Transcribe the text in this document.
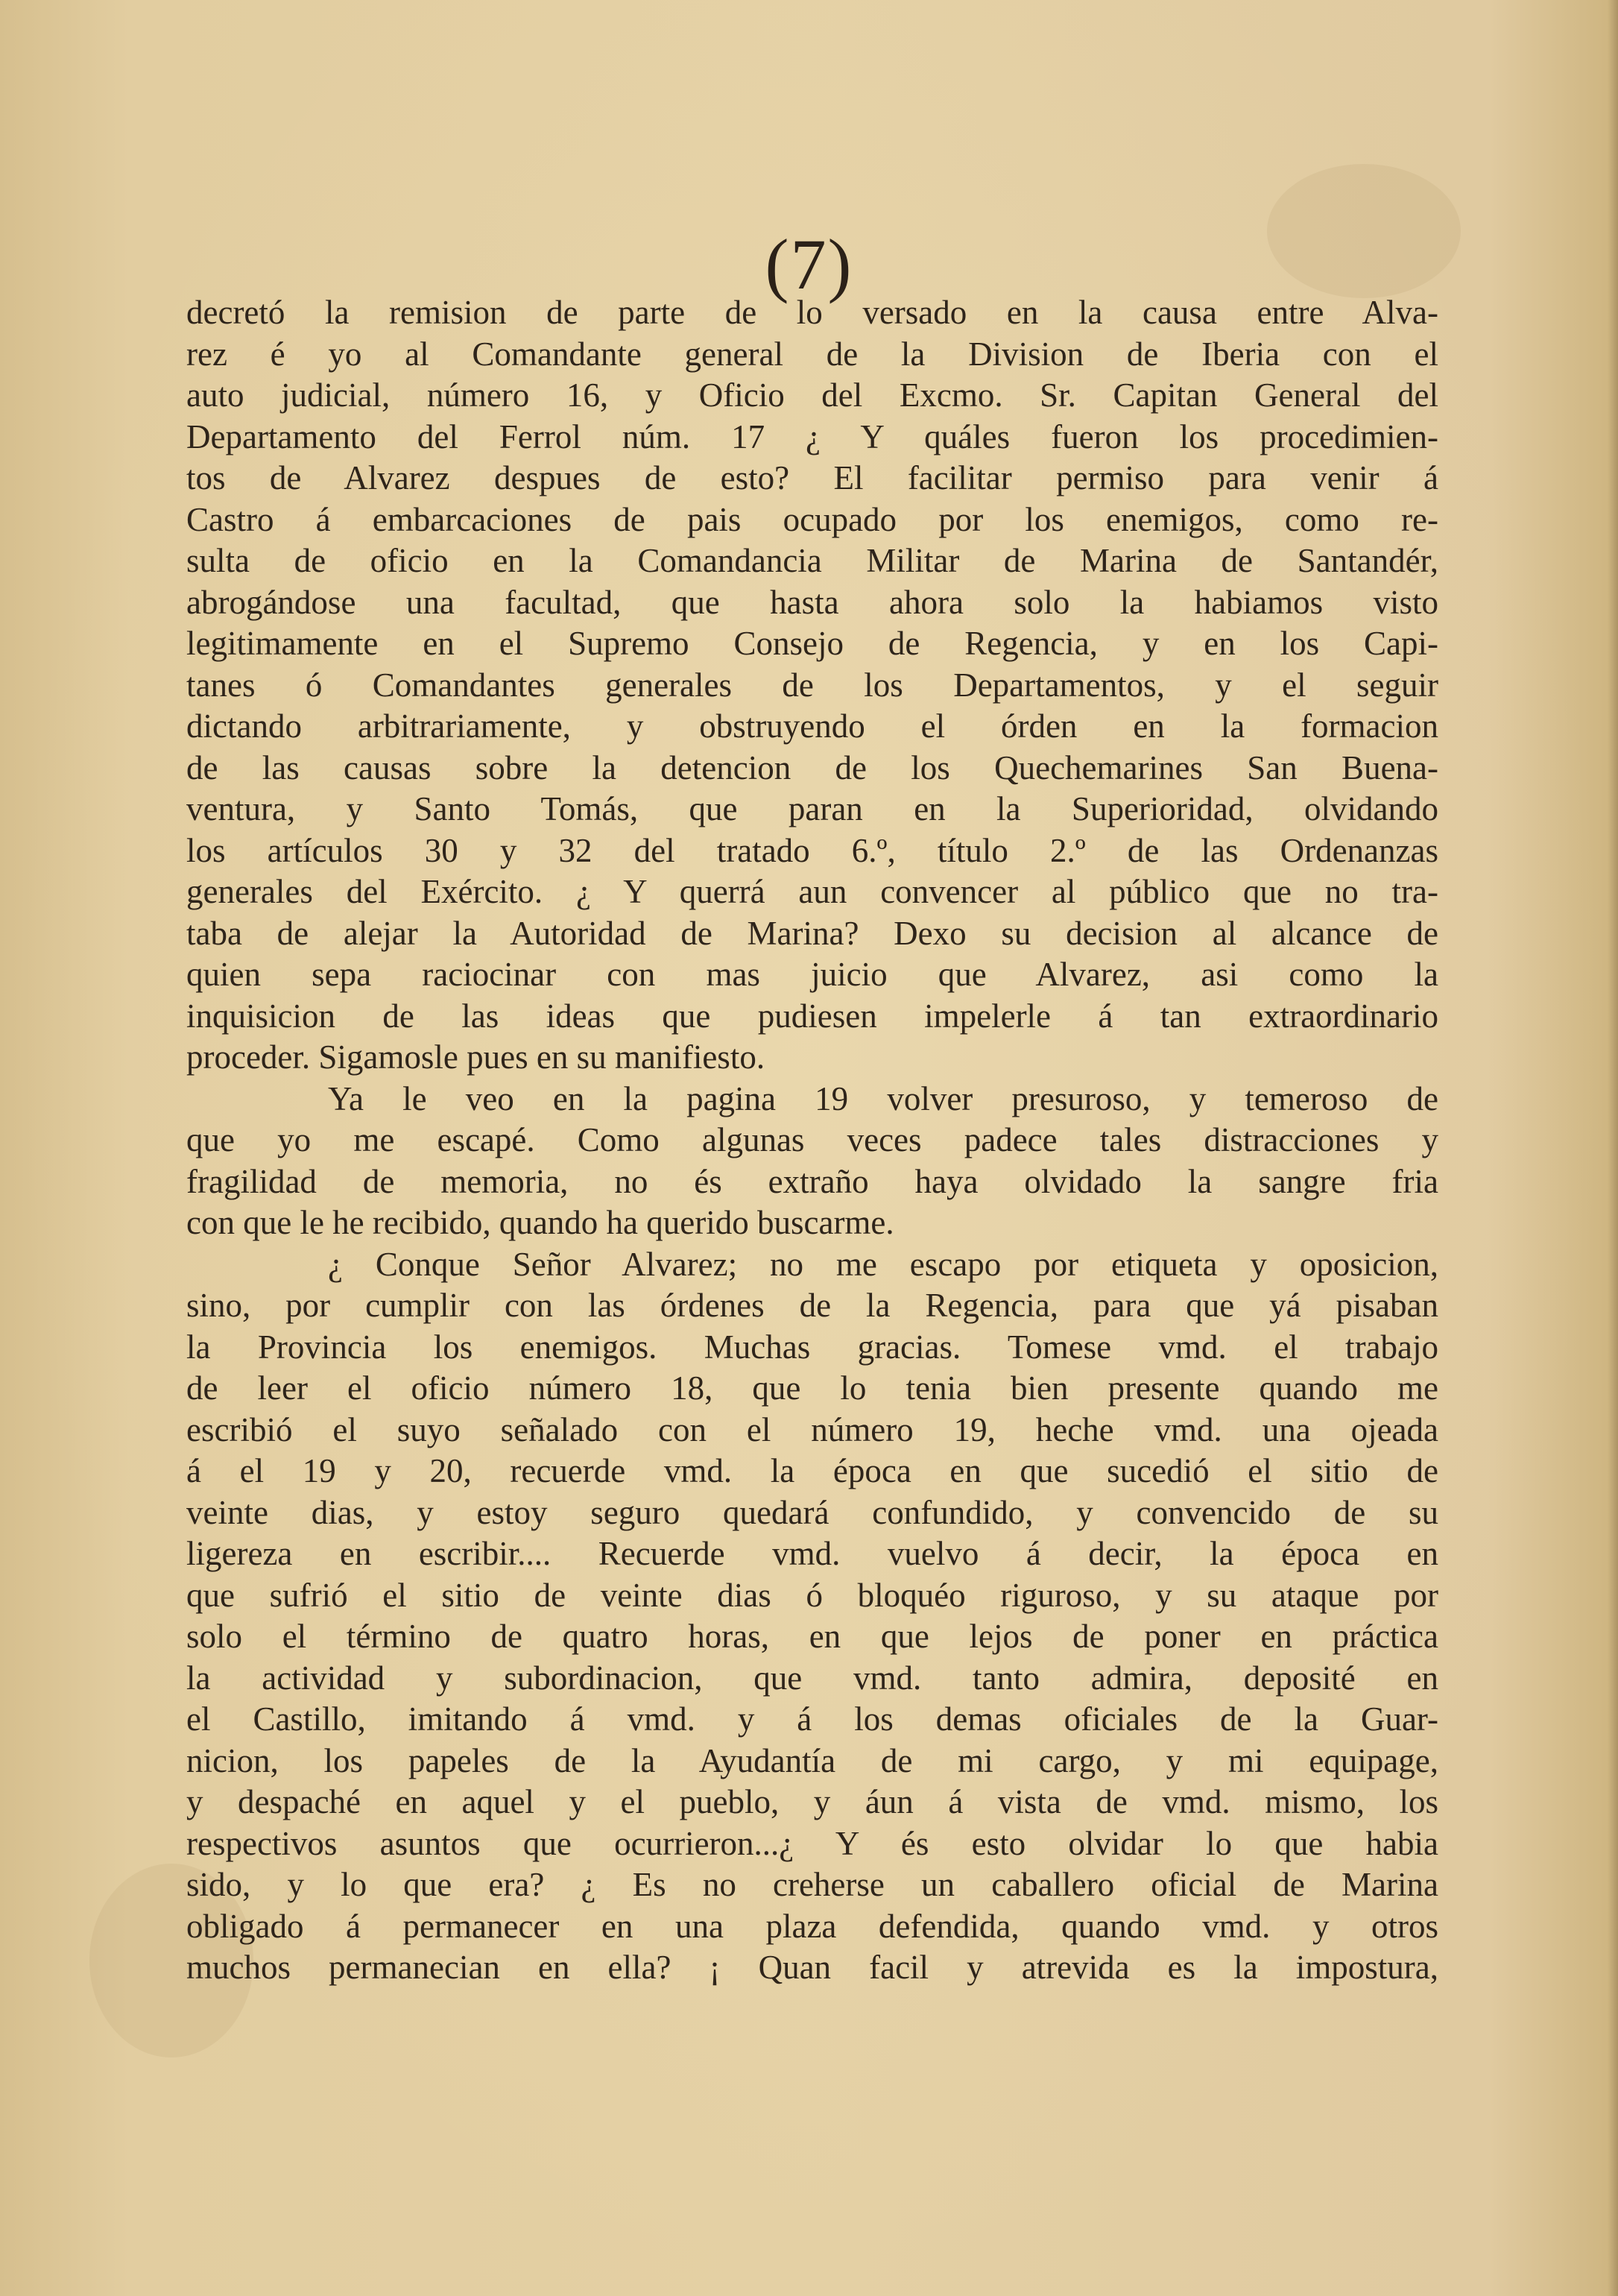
(7)
decretó la remision de parte de lo versado en la causa entre Alva-
rez é yo al Comandante general de la Division de Iberia con el
auto judicial, número 16, y Oficio del Excmo. Sr. Capitan General del
Departamento del Ferrol núm. 17 ¿ Y quáles fueron los procedimien-
tos de Alvarez despues de esto? El facilitar permiso para venir á
Castro á embarcaciones de pais ocupado por los enemigos, como re-
sulta de oficio en la Comandancia Militar de Marina de Santandér,
abrogándose una facultad, que hasta ahora solo la habiamos visto
legitimamente en el Supremo Consejo de Regencia, y en los Capi-
tanes ó Comandantes generales de los Departamentos, y el seguir
dictando arbitrariamente, y obstruyendo el órden en la formacion
de las causas sobre la detencion de los Quechemarines San Buena-
ventura, y Santo Tomás, que paran en la Superioridad, olvidando
los artículos 30 y 32 del tratado 6.º, título 2.º de las Ordenanzas
generales del Exército. ¿ Y querrá aun convencer al público que no tra-
taba de alejar la Autoridad de Marina? Dexo su decision al alcance de
quien sepa raciocinar con mas juicio que Alvarez, asi como la
inquisicion de las ideas que pudiesen impelerle á tan extraordinario
proceder. Sigamosle pues en su manifiesto.
Ya le veo en la pagina 19 volver presuroso, y temeroso de
que yo me escapé. Como algunas veces padece tales distracciones y
fragilidad de memoria, no és extraño haya olvidado la sangre fria
con que le he recibido, quando ha querido buscarme.
¿ Conque Señor Alvarez; no me escapo por etiqueta y oposicion,
sino, por cumplir con las órdenes de la Regencia, para que yá pisaban
la Provincia los enemigos. Muchas gracias. Tomese vmd. el trabajo
de leer el oficio número 18, que lo tenia bien presente quando me
escribió el suyo señalado con el número 19, heche vmd. una ojeada
á el 19 y 20, recuerde vmd. la época en que sucedió el sitio de
veinte dias, y estoy seguro quedará confundido, y convencido de su
ligereza en escribir.... Recuerde vmd. vuelvo á decir, la época en
que sufrió el sitio de veinte dias ó bloquéo riguroso, y su ataque por
solo el término de quatro horas, en que lejos de poner en práctica
la actividad y subordinacion, que vmd. tanto admira, deposité en
el Castillo, imitando á vmd. y á los demas oficiales de la Guar-
nicion, los papeles de la Ayudantía de mi cargo, y mi equipage,
y despaché en aquel y el pueblo, y áun á vista de vmd. mismo, los
respectivos asuntos que ocurrieron...¿ Y és esto olvidar lo que habia
sido, y lo que era? ¿ Es no creherse un caballero oficial de Marina
obligado á permanecer en una plaza defendida, quando vmd. y otros
muchos permanecian en ella? ¡ Quan facil y atrevida es la impostura,
